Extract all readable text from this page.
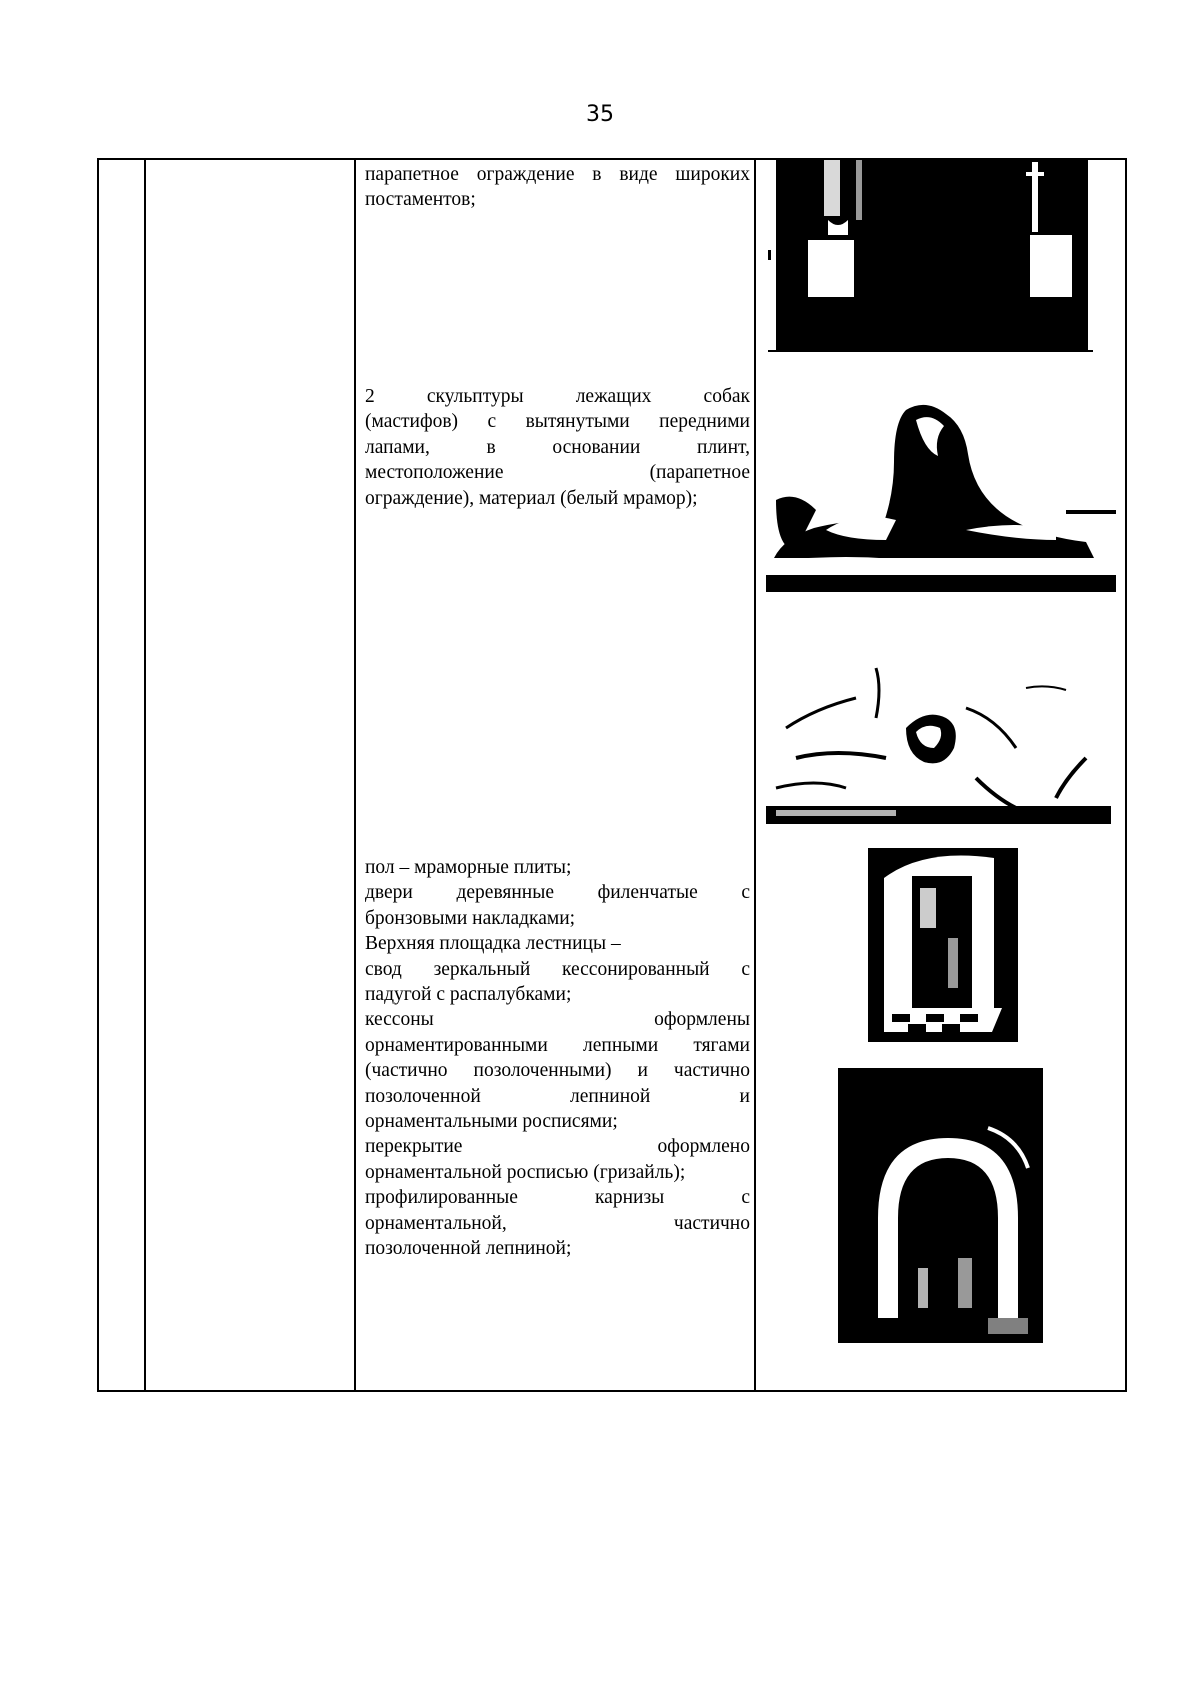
35

парапетное ограждение в виде широких

постаментов;

2 скульптуры лежащих собак

(мастифов) с вытянутыми передними

лапами, в основании плинт,

местоположение (парапетное

ограждение), материал (белый мрамор);

пол – мраморные плиты;

двери деревянные филенчатые с

бронзовыми накладками;

Верхняя площадка лестницы –

свод зеркальный кессонированный с

падугой с распалубками;

кессоны оформлены

орнаментированными лепными тягами

(частично позолоченными) и частично

позолоченной лепниной и

орнаментальными росписями;

перекрытие оформлено

орнаментальной росписью (гризайль);

профилированные карнизы с

орнаментальной, частично

позолоченной лепниной;
